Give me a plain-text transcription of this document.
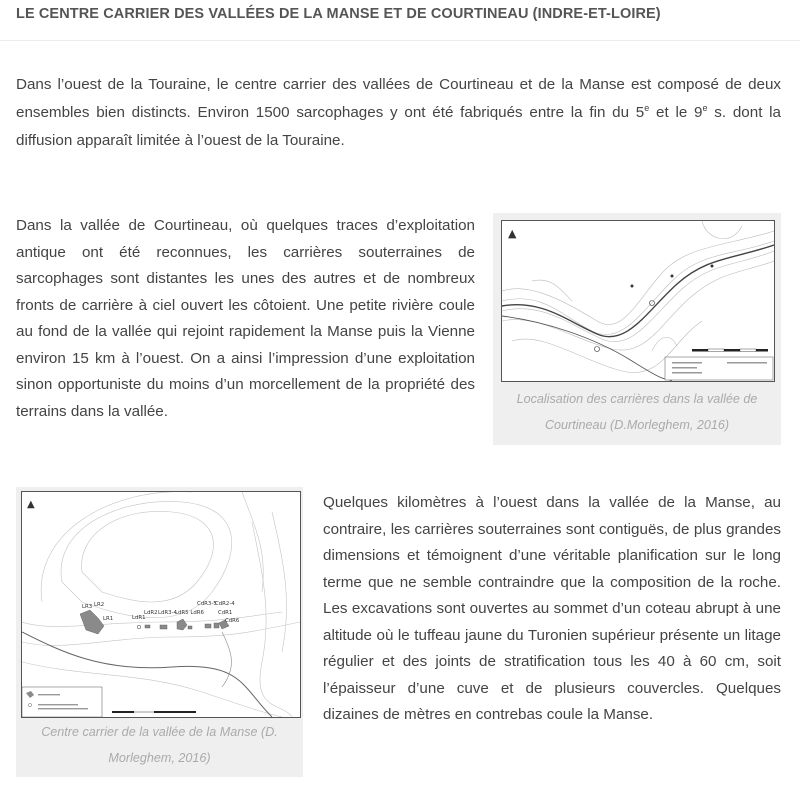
LE CENTRE CARRIER DES VALLÉES DE LA MANSE ET DE COURTINEAU (INDRE-ET-LOIRE)

Dans l’ouest de la Touraine, le centre carrier des vallées de Courtineau et de la Manse est composé de deux ensembles bien distincts. Environ 1500 sarcophages y ont été fabriqués entre la fin du 5e et le 9e s. dont la diffusion apparaît limitée à l’ouest de la Touraine.

Dans la vallée de Courtineau, où quelques traces d’exploitation antique ont été reconnues, les carrières souterraines de sarcophages sont distantes les unes des autres et de nombreux fronts de carrière à ciel ouvert les côtoient. Une petite rivière coule au fond de la vallée qui rejoint rapidement la Manse puis la Vienne environ 15 km à l’ouest. On a ainsi l’impression d’une exploitation sinon opportuniste du moins d’un morcellement de la propriété des terrains dans la vallée.

▲

Localisation des carrières dans la vallée de Courtineau (D.Morleghem, 2016)

▲
LR3 LR2
LR1	LdR1
LdR2 LdR3-4
LdR5 LdR6
CdR3-5
CdR2-4
CdR1
CdR6

Centre carrier de la vallée de la Manse (D. Morleghem, 2016)

Quelques kilomètres à l’ouest dans la vallée de la Manse, au contraire, les carrières souterraines sont contiguës, de plus grandes dimensions et témoignent d’une véritable planification sur le long terme que ne semble contraindre que la composition de la roche. Les excavations sont ouvertes au sommet d’un coteau abrupt à une altitude où le tuffeau jaune du Turonien supérieur présente un litage régulier et des joints de stratification tous les 40 à 60 cm, soit l’épaisseur d’une cuve et de plusieurs couvercles. Quelques dizaines de mètres en contrebas coule la Manse.
